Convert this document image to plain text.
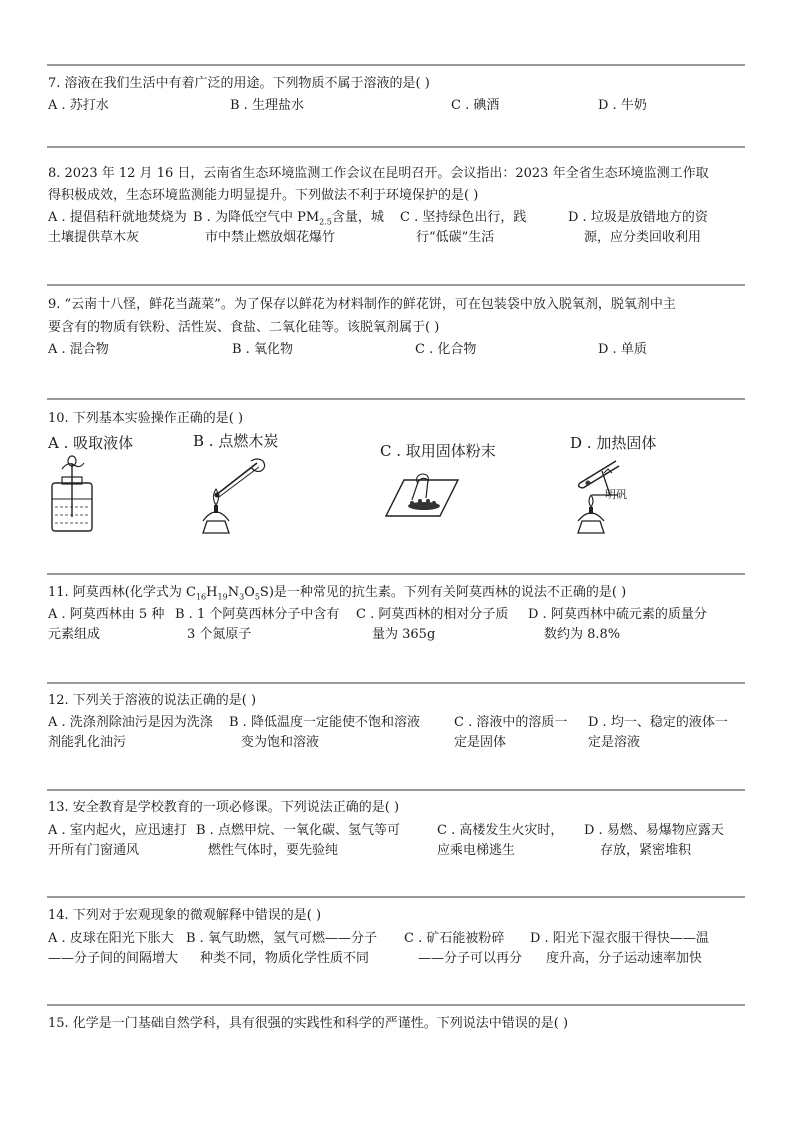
7. 溶液在我们生活中有着广泛的用途。下列物质不属于溶液的是( )
A . 苏打水	B . 生理盐水	C . 碘酒	D . 牛奶
8. 2023 年 12 月 16 日，云南省生态环境监测工作会议在昆明召开。会议指出：2023 年全省生态环境监测工作取
得积极成效，生态环境监测能力明显提升。下列做法不利于环境保护的是( )
A . 提倡秸秆就地焚烧为
土壤提供草木灰
B . 为降低空气中 $PM_{2.5}$含量，城
市中禁止燃放烟花爆竹
C . 坚持绿色出行，践
行“低碳”生活
D . 垃圾是放错地方的资
源，应分类回收利用
9. “云南十八怪，鲜花当蔬菜”。为了保存以鲜花为材料制作的鲜花饼，可在包装袋中放入脱氧剂，脱氧剂中主
要含有的物质有铁粉、活性炭、食盐、二氧化硅等。该脱氧剂属于( )
A . 混合物	B . 氧化物	C . 化合物	D . 单质
10. 下列基本实验操作正确的是( )
A . 吸取液体	B . 点燃木炭
C . 取用固体粉末	D . 加热固体
明矾
11. 阿莫西林(化学式为 $C_{16}H_{19}N_3O_5S$)是一种常见的抗生素。下列有关阿莫西林的说法不正确的是( )
A . 阿莫西林由 5 种
元素组成
B . 1 个阿莫西林分子中含有
3 个氮原子
C . 阿莫西林的相对分子质
量为 365g
D . 阿莫西林中硫元素的质量分
数约为 8.8%
12. 下列关于溶液的说法正确的是( )
A . 洗涤剂除油污是因为洗涤
剂能乳化油污
B . 降低温度一定能使不饱和溶液
变为饱和溶液
C . 溶液中的溶质一
定是固体
D . 均一、稳定的液体一
定是溶液
13. 安全教育是学校教育的一项必修课。下列说法正确的是( )
A . 室内起火，应迅速打
开所有门窗通风
B . 点燃甲烷、一氧化碳、氢气等可
燃性气体时，要先验纯
C . 高楼发生火灾时，
应乘电梯逃生
D . 易燃、易爆物应露天
存放，紧密堆积
14. 下列对于宏观现象的微观解释中错误的是( )
A . 皮球在阳光下胀大
——分子间的间隔增大
B . 氧气助燃，氢气可燃——分子
种类不同，物质化学性质不同
C . 矿石能被粉碎
——分子可以再分
D . 阳光下湿衣服干得快——温
度升高，分子运动速率加快
15. 化学是一门基础自然学科，具有很强的实践性和科学的严谨性。下列说法中错误的是( )
